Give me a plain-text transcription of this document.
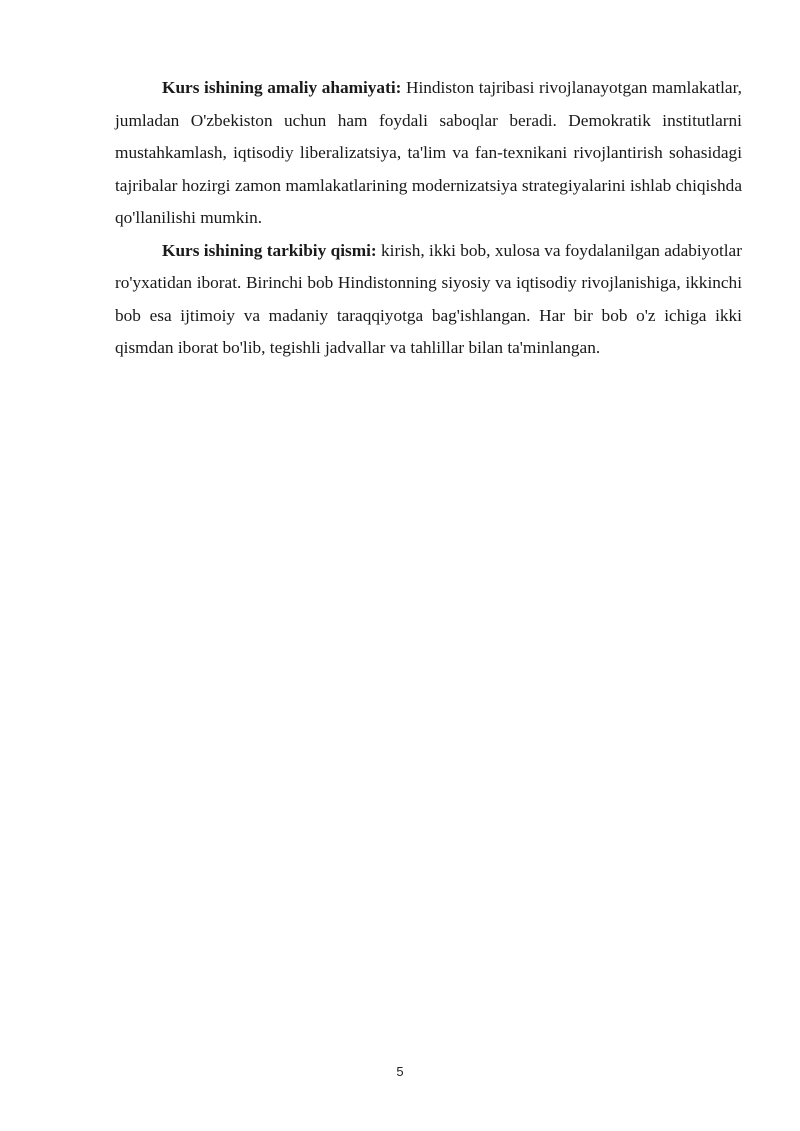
Kurs ishining amaliy ahamiyati: Hindiston tajribasi rivojlanayotgan mamlakatlar, jumladan O'zbekiston uchun ham foydali saboqlar beradi. Demokratik institutlarni mustahkamlash, iqtisodiy liberalizatsiya, ta'lim va fan-texnikani rivojlantirish sohasidagi tajribalar hozirgi zamon mamlakatlarining modernizatsiya strategiyalarini ishlab chiqishda qo'llanilishi mumkin.

Kurs ishining tarkibiy qismi: kirish, ikki bob, xulosa va foydalanilgan adabiyotlar ro'yxatidan iborat. Birinchi bob Hindistonning siyosiy va iqtisodiy rivojlanishiga, ikkinchi bob esa ijtimoiy va madaniy taraqqiyotga bag'ishlangan. Har bir bob o'z ichiga ikki qismdan iborat bo'lib, tegishli jadvallar va tahlillar bilan ta'minlangan.

5
